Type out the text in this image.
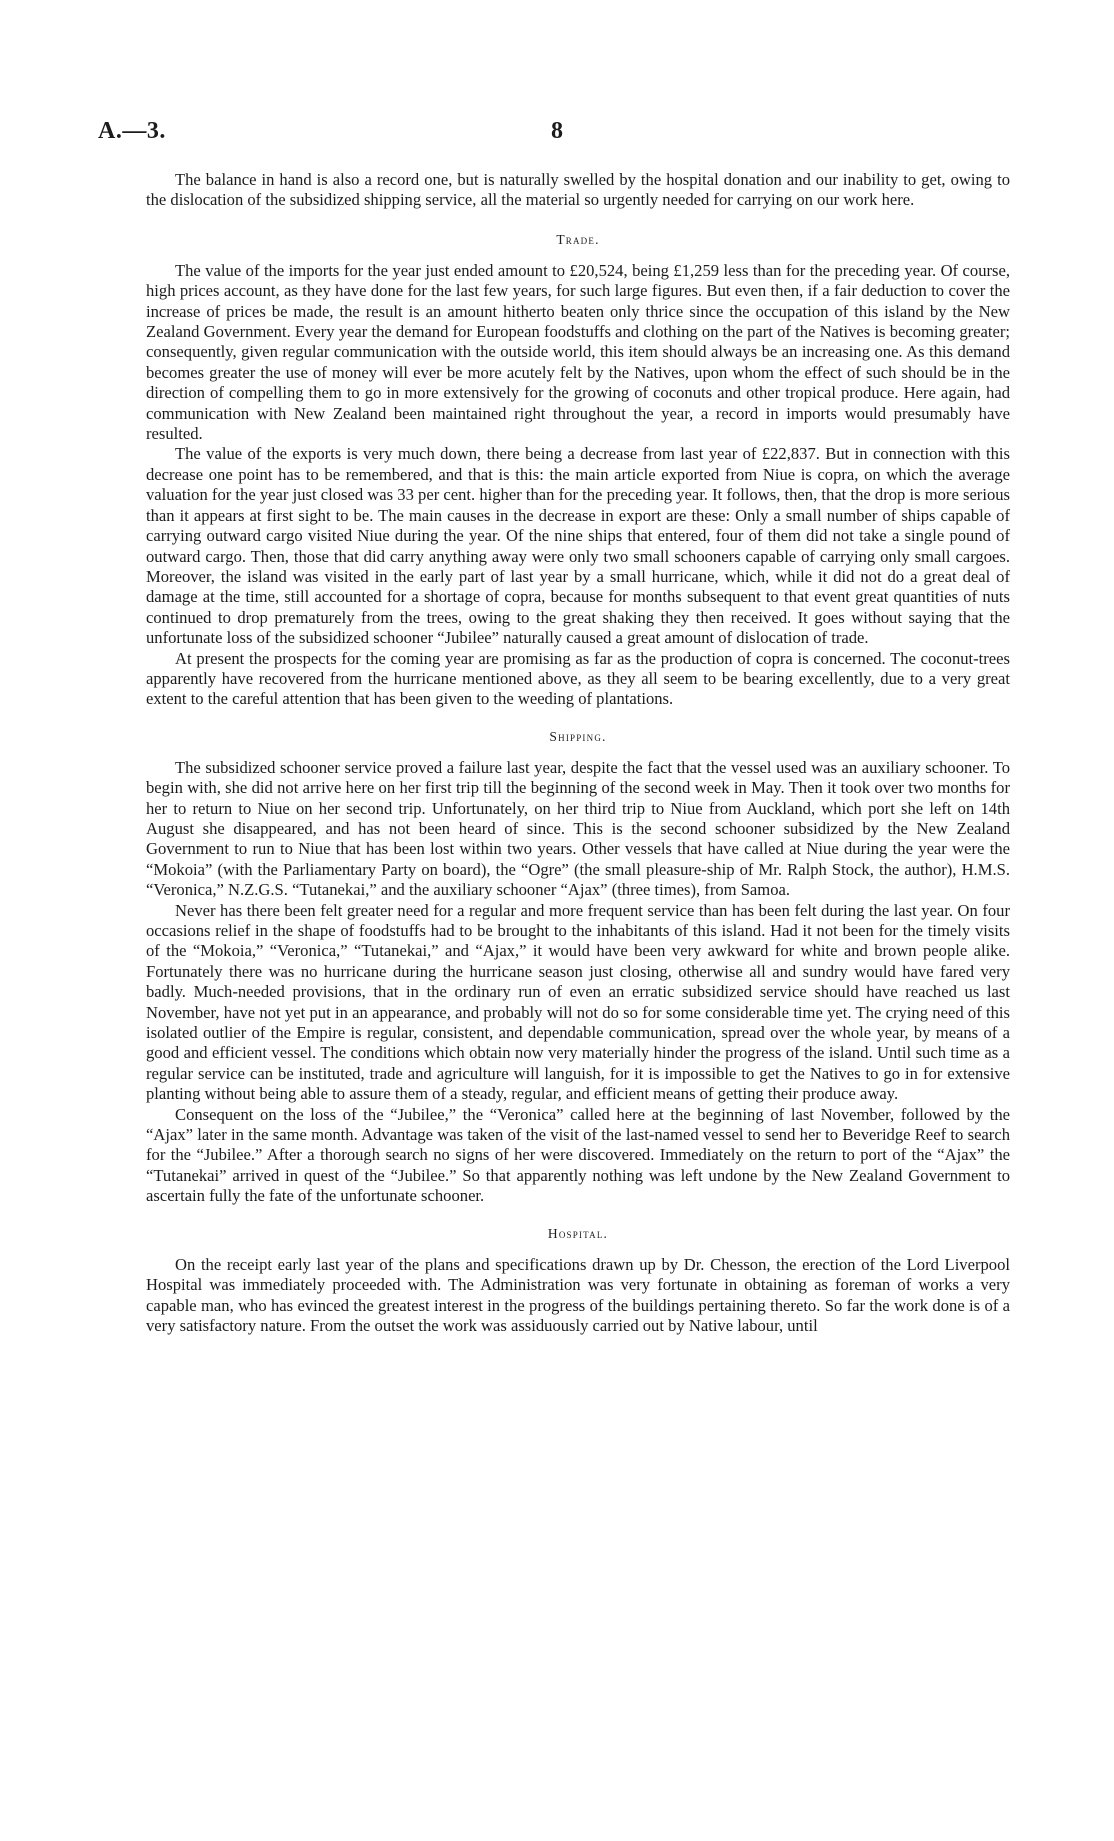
A.—3.	8

The balance in hand is also a record one, but is naturally swelled by the hospital donation and our inability to get, owing to the dislocation of the subsidized shipping service, all the material so urgently needed for carrying on our work here.

Trade.

The value of the imports for the year just ended amount to £20,524, being £1,259 less than for the preceding year. Of course, high prices account, as they have done for the last few years, for such large figures. But even then, if a fair deduction to cover the increase of prices be made, the result is an amount hitherto beaten only thrice since the occupation of this island by the New Zealand Government. Every year the demand for European foodstuffs and clothing on the part of the Natives is becoming greater; consequently, given regular communication with the outside world, this item should always be an increasing one. As this demand becomes greater the use of money will ever be more acutely felt by the Natives, upon whom the effect of such should be in the direction of compelling them to go in more extensively for the growing of coconuts and other tropical produce. Here again, had communication with New Zealand been maintained right throughout the year, a record in imports would presumably have resulted.

The value of the exports is very much down, there being a decrease from last year of £22,837. But in connection with this decrease one point has to be remembered, and that is this: the main article exported from Niue is copra, on which the average valuation for the year just closed was 33 per cent. higher than for the preceding year. It follows, then, that the drop is more serious than it appears at first sight to be. The main causes in the decrease in export are these: Only a small number of ships capable of carrying outward cargo visited Niue during the year. Of the nine ships that entered, four of them did not take a single pound of outward cargo. Then, those that did carry anything away were only two small schooners capable of carrying only small cargoes. Moreover, the island was visited in the early part of last year by a small hurricane, which, while it did not do a great deal of damage at the time, still accounted for a shortage of copra, because for months subsequent to that event great quantities of nuts continued to drop prematurely from the trees, owing to the great shaking they then received. It goes without saying that the unfortunate loss of the subsidized schooner “Jubilee” naturally caused a great amount of dislocation of trade.

At present the prospects for the coming year are promising as far as the production of copra is concerned. The coconut-trees apparently have recovered from the hurricane mentioned above, as they all seem to be bearing excellently, due to a very great extent to the careful attention that has been given to the weeding of plantations.

Shipping.

The subsidized schooner service proved a failure last year, despite the fact that the vessel used was an auxiliary schooner. To begin with, she did not arrive here on her first trip till the beginning of the second week in May. Then it took over two months for her to return to Niue on her second trip. Unfortunately, on her third trip to Niue from Auckland, which port she left on 14th August she disappeared, and has not been heard of since. This is the second schooner subsidized by the New Zealand Government to run to Niue that has been lost within two years. Other vessels that have called at Niue during the year were the “Mokoia” (with the Parliamentary Party on board), the “Ogre” (the small pleasure-ship of Mr. Ralph Stock, the author), H.M.S. “Veronica,” N.Z.G.S. “Tutanekai,” and the auxiliary schooner “Ajax” (three times), from Samoa.

Never has there been felt greater need for a regular and more frequent service than has been felt during the last year. On four occasions relief in the shape of foodstuffs had to be brought to the inhabitants of this island. Had it not been for the timely visits of the “Mokoia,” “Veronica,” “Tutanekai,” and “Ajax,” it would have been very awkward for white and brown people alike. Fortunately there was no hurricane during the hurricane season just closing, otherwise all and sundry would have fared very badly. Much-needed provisions, that in the ordinary run of even an erratic subsidized service should have reached us last November, have not yet put in an appearance, and probably will not do so for some considerable time yet. The crying need of this isolated outlier of the Empire is regular, consistent, and dependable communication, spread over the whole year, by means of a good and efficient vessel. The conditions which obtain now very materially hinder the progress of the island. Until such time as a regular service can be instituted, trade and agriculture will languish, for it is impossible to get the Natives to go in for extensive planting without being able to assure them of a steady, regular, and efficient means of getting their produce away.

Consequent on the loss of the “Jubilee,” the “Veronica” called here at the beginning of last November, followed by the “Ajax” later in the same month. Advantage was taken of the visit of the last-named vessel to send her to Beveridge Reef to search for the “Jubilee.” After a thorough search no signs of her were discovered. Immediately on the return to port of the “Ajax” the “Tutanekai” arrived in quest of the “Jubilee.” So that apparently nothing was left undone by the New Zealand Government to ascertain fully the fate of the unfortunate schooner.

Hospital.

On the receipt early last year of the plans and specifications drawn up by Dr. Chesson, the erection of the Lord Liverpool Hospital was immediately proceeded with. The Administration was very fortunate in obtaining as foreman of works a very capable man, who has evinced the greatest interest in the progress of the buildings pertaining thereto. So far the work done is of a very satisfactory nature. From the outset the work was assiduously carried out by Native labour, until
